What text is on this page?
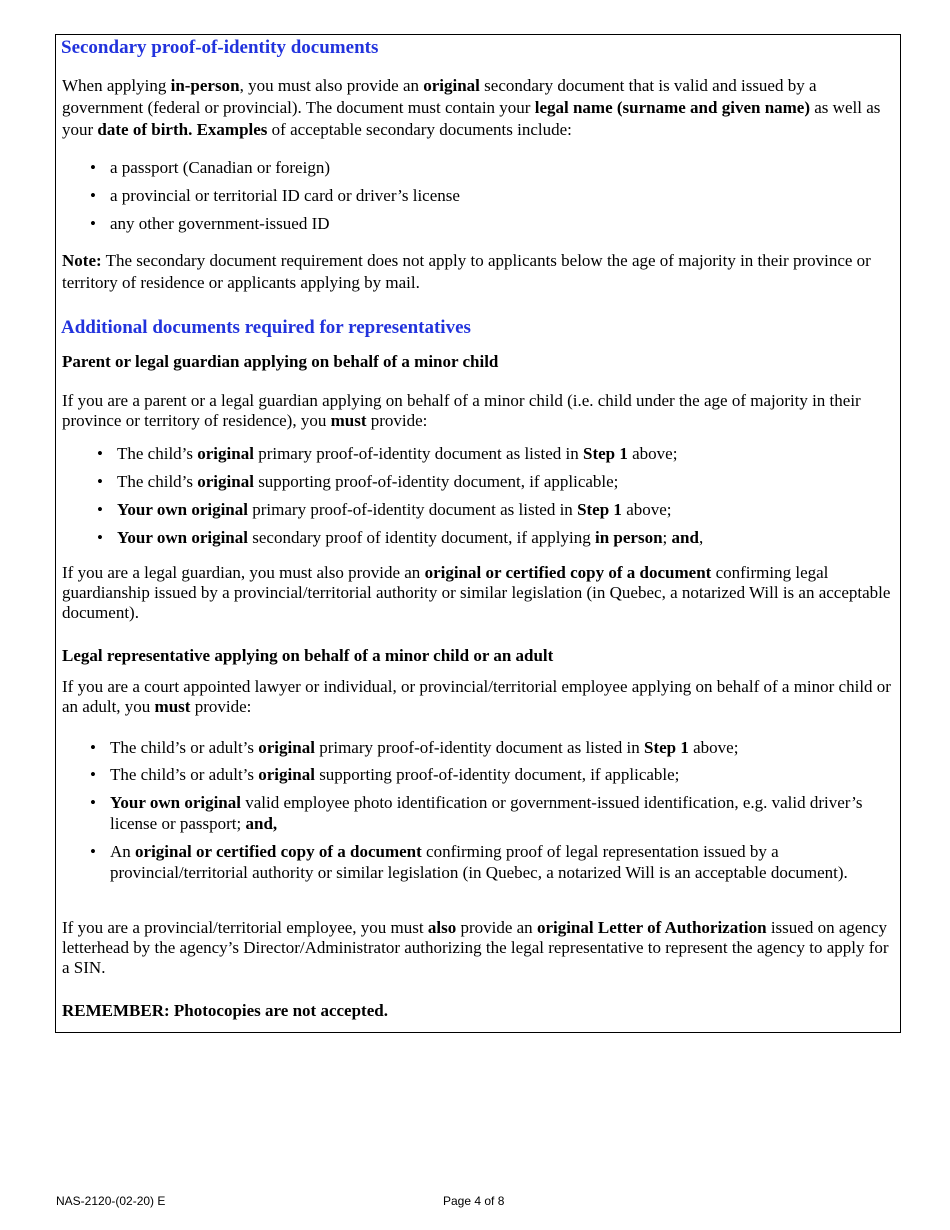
Secondary proof-of-identity documents

When applying in-person, you must also provide an original secondary document that is valid and issued by a government (federal or provincial). The document must contain your legal name (surname and given name) as well as your date of birth. Examples of acceptable secondary documents include:

• a passport (Canadian or foreign)

• a provincial or territorial ID card or driver’s license

• any other government-issued ID

Note: The secondary document requirement does not apply to applicants below the age of majority in their province or territory of residence or applicants applying by mail.

Additional documents required for representatives
Parent or legal guardian applying on behalf of a minor child

If you are a parent or a legal guardian applying on behalf of a minor child (i.e. child under the age of majority in their province or territory of residence), you must provide:

• The child’s original primary proof-of-identity document as listed in Step 1 above;

• The child’s original supporting proof-of-identity document, if applicable;

• Your own original primary proof-of-identity document as listed in Step 1 above;

• Your own original secondary proof of identity document, if applying in person; and,

If you are a legal guardian, you must also provide an original or certified copy of a document confirming legal guardianship issued by a provincial/territorial authority or similar legislation (in Quebec, a notarized Will is an acceptable document).

Legal representative applying on behalf of a minor child or an adult

If you are a court appointed lawyer or individual, or provincial/territorial employee applying on behalf of a minor child or an adult, you must provide:

• The child’s or adult’s original primary proof-of-identity document as listed in Step 1 above;

• The child’s or adult’s original supporting proof-of-identity document, if applicable;

• Your own original valid employee photo identification or government-issued identification, e.g. valid driver’s license or passport; and,

• An original or certified copy of a document confirming proof of legal representation issued by a provincial/territorial authority or similar legislation (in Quebec, a notarized Will is an acceptable document).

If you are a provincial/territorial employee, you must also provide an original Letter of Authorization issued on agency letterhead by the agency’s Director/Administrator authorizing the legal representative to represent the agency to apply for a SIN.

REMEMBER: Photocopies are not accepted.

NAS-2120-(02-20) E	Page 4 of 8
